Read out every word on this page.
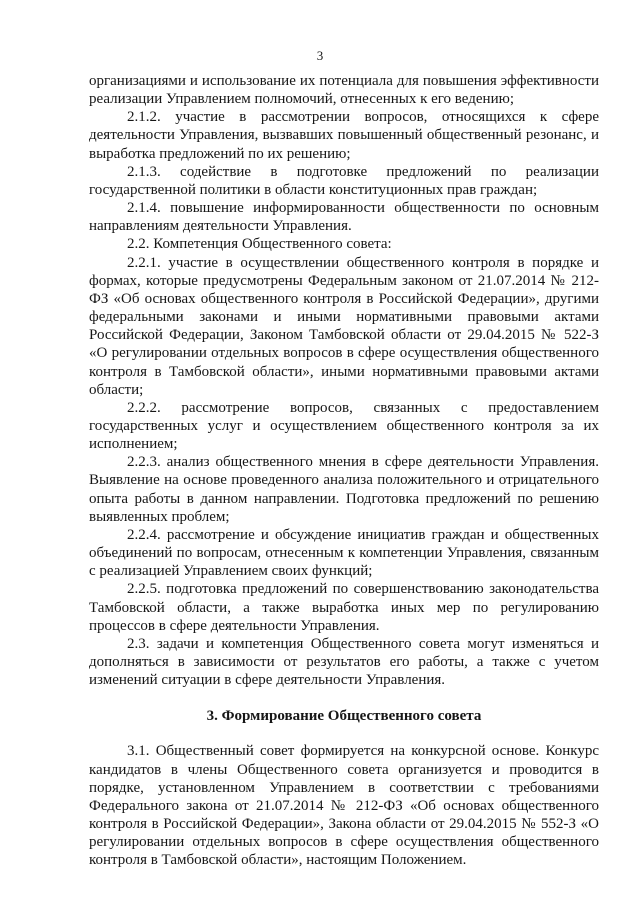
3

организациями и использование их потенциала для повышения эффективности реализации Управлением полномочий, отнесенных к его ведению;

2.1.2. участие в рассмотрении вопросов, относящихся к сфере деятельности Управления, вызвавших повышенный общественный резонанс, и выработка предложений по их решению;

2.1.3. содействие в подготовке предложений по реализации государственной политики в области конституционных прав граждан;

2.1.4. повышение информированности общественности по основным направлениям деятельности Управления.

2.2. Компетенция Общественного совета:

2.2.1. участие в осуществлении общественного контроля в порядке и формах, которые предусмотрены Федеральным законом от 21.07.2014 № 212-ФЗ «Об основах общественного контроля в Российской Федерации», другими федеральными законами и иными нормативными правовыми актами Российской Федерации, Законом Тамбовской области от 29.04.2015 № 522-З «О регулировании отдельных вопросов в сфере осуществления общественного контроля в Тамбовской области», иными нормативными правовыми актами области;

2.2.2. рассмотрение вопросов, связанных с предоставлением государственных услуг и осуществлением общественного контроля за их исполнением;

2.2.3. анализ общественного мнения в сфере деятельности Управления. Выявление на основе проведенного анализа положительного и отрицательного опыта работы в данном направлении. Подготовка предложений по решению выявленных проблем;

2.2.4. рассмотрение и обсуждение инициатив граждан и общественных объединений по вопросам, отнесенным к компетенции Управления, связанным с реализацией Управлением своих функций;

2.2.5. подготовка предложений по совершенствованию законодательства Тамбовской области, а также выработка иных мер по регулированию процессов в сфере деятельности Управления.

2.3. задачи и компетенция Общественного совета могут изменяться и дополняться в зависимости от результатов его работы, а также с учетом изменений ситуации в сфере деятельности Управления.

3. Формирование Общественного совета

3.1. Общественный совет формируется на конкурсной основе. Конкурс кандидатов в члены Общественного совета организуется и проводится в порядке, установленном Управлением в соответствии с требованиями Федерального закона от 21.07.2014 № 212-ФЗ «Об основах общественного контроля в Российской Федерации», Закона области от 29.04.2015 № 552-З «О регулировании отдельных вопросов в сфере осуществления общественного контроля в Тамбовской области», настоящим Положением.
